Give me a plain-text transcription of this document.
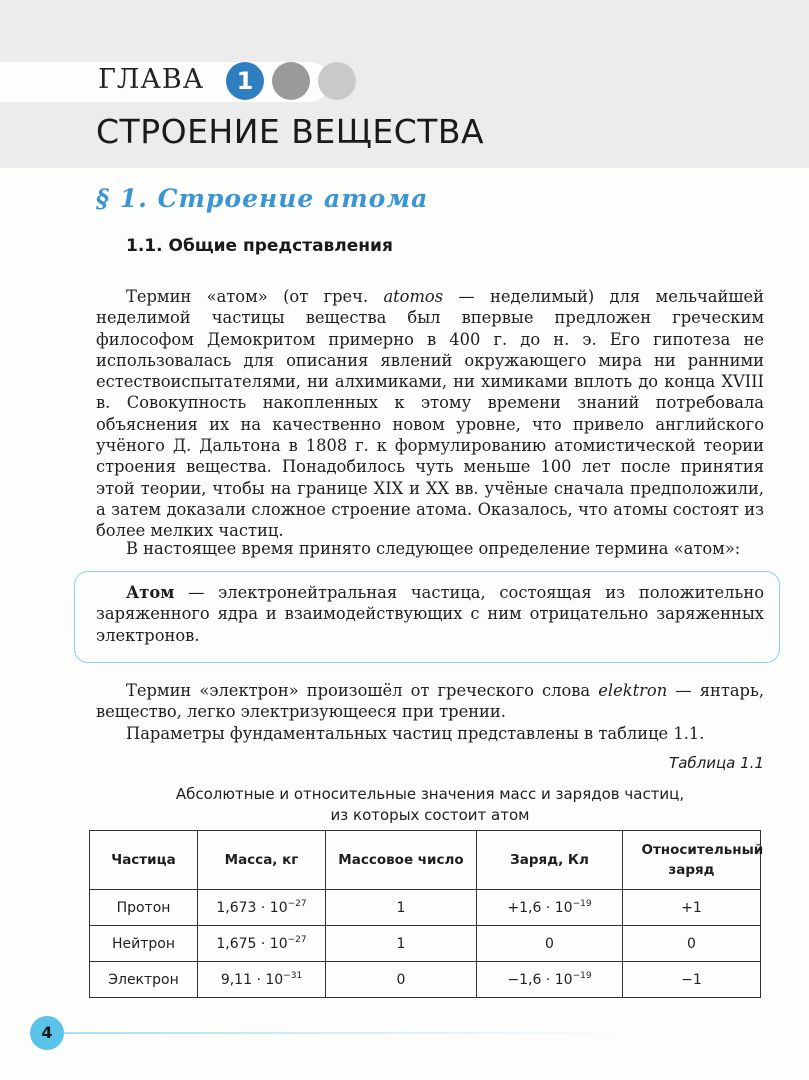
ГЛАВА	1
СТРОЕНИЕ ВЕЩЕСТВА
§ 1. Строение атома
1.1. Общие представления

Термин «атом» (от греч. atomos — неделимый) для мельчайшей неделимой частицы вещества был впервые предложен греческим философом Демокритом примерно в 400 г. до н. э. Его гипотеза не использовалась для описания явлений окружающего мира ни ранними естествоиспытателями, ни алхимиками, ни химиками вплоть до конца XVIII в. Совокупность накопленных к этому времени знаний потребовала объяснения их на качественно новом уровне, что привело английского учёного Д. Дальтона в 1808 г. к формулированию атомистической теории строения вещества. Понадобилось чуть меньше 100 лет после принятия этой теории, чтобы на границе XIX и XX вв. учёные сначала предположили, а затем доказали сложное строение атома. Оказалось, что атомы состоят из более мелких частиц.

В настоящее время принято следующее определение термина «атом»:

Атом — электронейтральная частица, состоящая из положительно заряженного ядра и взаимодействующих с ним отрицательно заряженных электронов.

Термин «электрон» произошёл от греческого слова elektron — янтарь, вещество, легко электризующееся при трении.

Параметры фундаментальных частиц представлены в таблице 1.1.

Таблица 1.1
Абсолютные и относительные значения масс и зарядов частиц,
из которых состоит атом
Частица	Масса, кг	Массовое число	Заряд, Кл	Относительный заряд
Протон	$1,673 \cdot 10^{-27}$	1	$+1,6 \cdot 10^{-19}$	+1
Нейтрон	$1,675 \cdot 10^{-27}$	1	0	0
Электрон	$9,11 \cdot 10^{-31}$	0	$-1,6 \cdot 10^{-19}$	−1
4
